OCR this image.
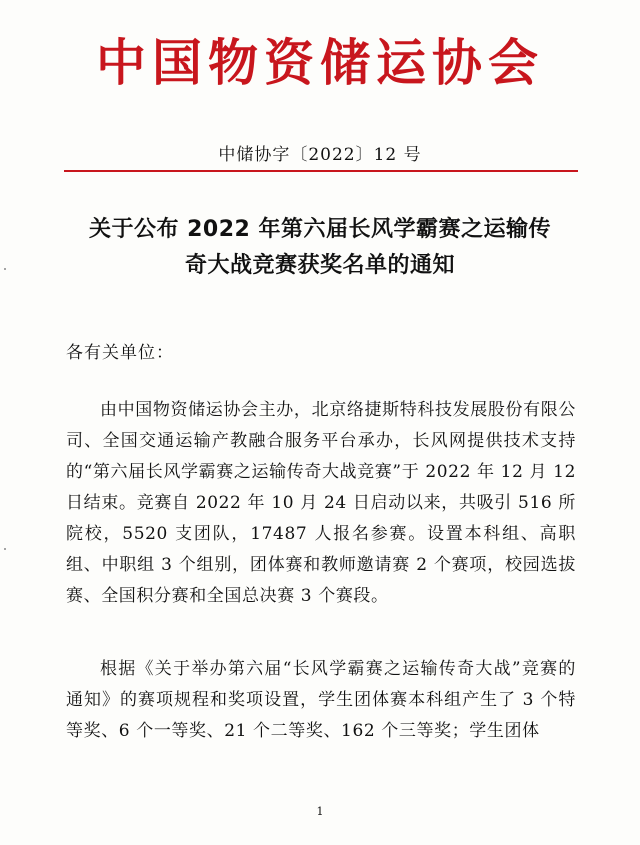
中国物资储运协会
中储协字〔2022〕12 号
关于公布 2022 年第六届长风学霸赛之运输传
奇大战竞赛获奖名单的通知
各有关单位：
由中国物资储运协会主办，北京络捷斯特科技发展股份有限公司、全国交通运输产教融合服务平台承办，长风网提供技术支持的“第六届长风学霸赛之运输传奇大战竞赛”于 2022 年 12 月 12 日结束。竞赛自 2022 年 10 月 24 日启动以来，共吸引 516 所院校，5520 支团队，17487 人报名参赛。设置本科组、高职组、中职组 3 个组别，团体赛和教师邀请赛 2 个赛项，校园选拔赛、全国积分赛和全国总决赛 3 个赛段。
根据《关于举办第六届“长风学霸赛之运输传奇大战”竞赛的通知》的赛项规程和奖项设置，学生团体赛本科组产生了 3 个特等奖、6 个一等奖、21 个二等奖、162 个三等奖；学生团体
1
